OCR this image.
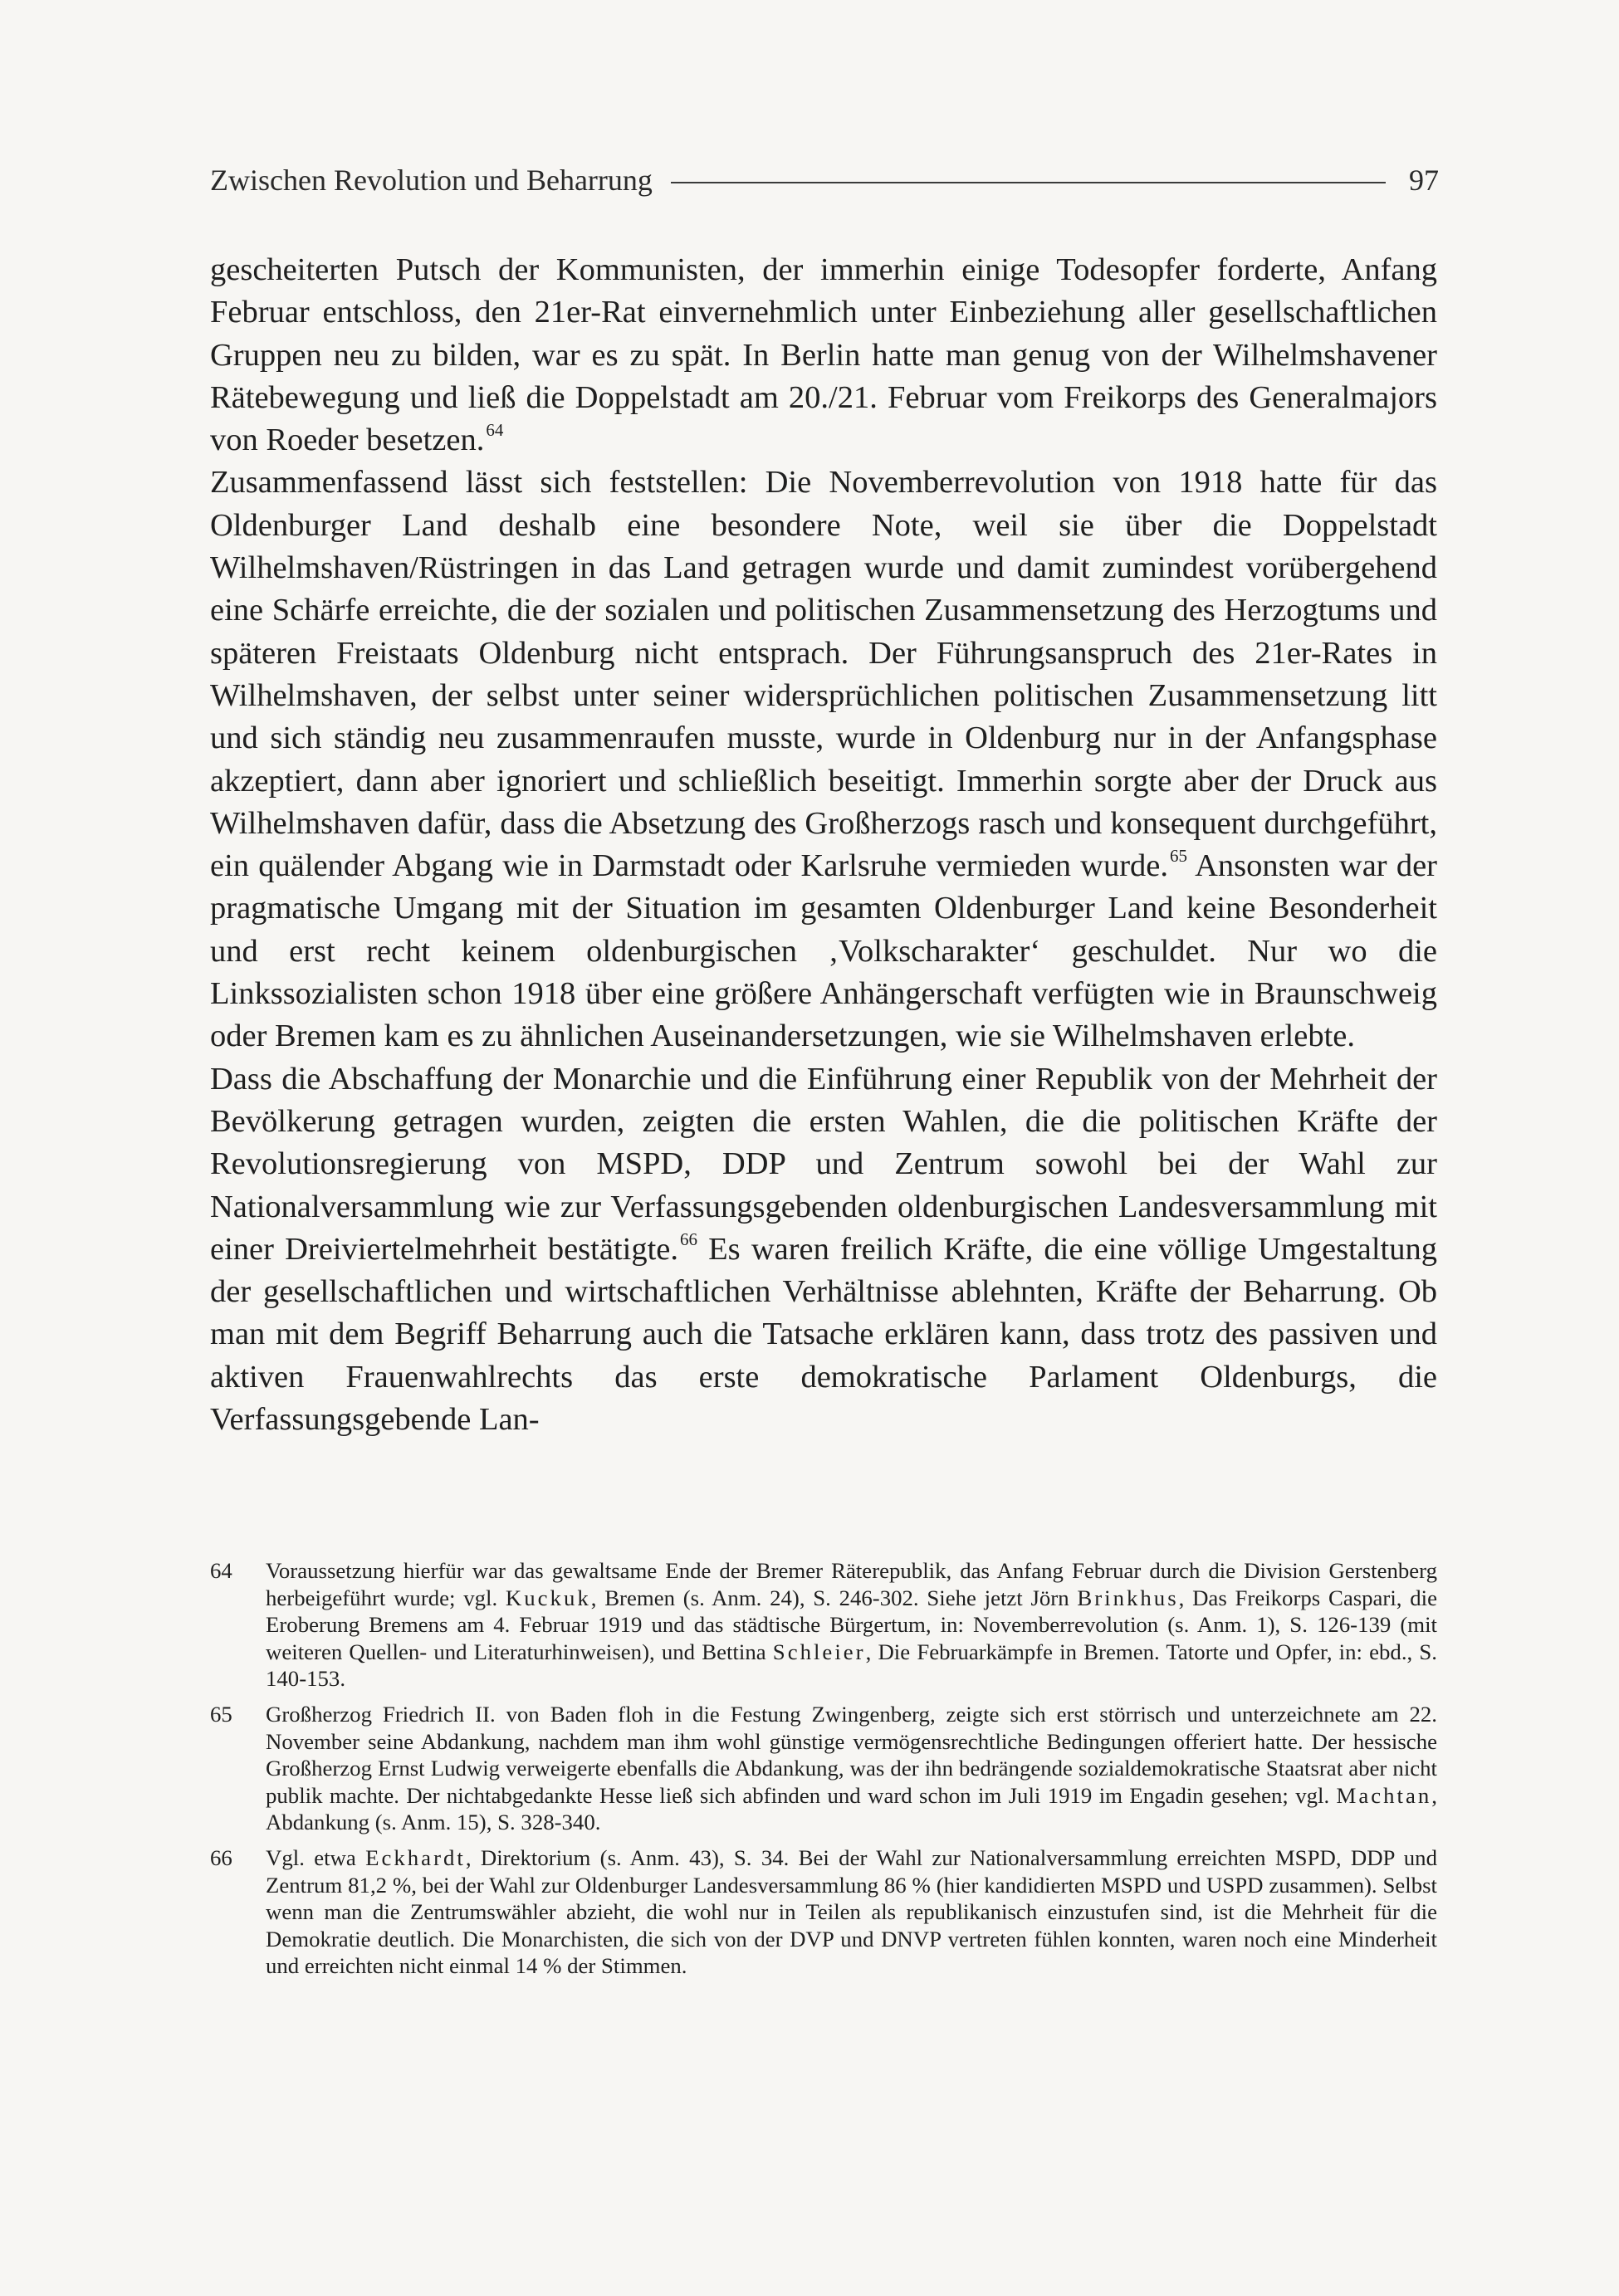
Zwischen Revolution und Beharrung	97

gescheiterten Putsch der Kommunisten, der immerhin einige Todesopfer forderte, Anfang Februar entschloss, den 21er-Rat einvernehmlich unter Einbeziehung aller gesellschaftlichen Gruppen neu zu bilden, war es zu spät. In Berlin hatte man genug von der Wilhelmshavener Rätebewegung und ließ die Doppelstadt am 20./21. Februar vom Freikorps des Generalmajors von Roeder besetzen.$^{64}$

Zusammenfassend lässt sich feststellen: Die Novemberrevolution von 1918 hatte für das Oldenburger Land deshalb eine besondere Note, weil sie über die Doppelstadt Wilhelmshaven/Rüstringen in das Land getragen wurde und damit zumindest vorübergehend eine Schärfe erreichte, die der sozialen und politischen Zusammensetzung des Herzogtums und späteren Freistaats Oldenburg nicht entsprach. Der Führungsanspruch des 21er-Rates in Wilhelmshaven, der selbst unter seiner widersprüchlichen politischen Zusammensetzung litt und sich ständig neu zusammenraufen musste, wurde in Oldenburg nur in der Anfangsphase akzeptiert, dann aber ignoriert und schließlich beseitigt. Immerhin sorgte aber der Druck aus Wilhelmshaven dafür, dass die Absetzung des Großherzogs rasch und konsequent durchgeführt, ein quälender Abgang wie in Darmstadt oder Karlsruhe vermieden wurde.$^{65}$ Ansonsten war der pragmatische Umgang mit der Situation im gesamten Oldenburger Land keine Besonderheit und erst recht keinem oldenburgischen ‚Volkscharakter‘ geschuldet. Nur wo die Linkssozialisten schon 1918 über eine größere Anhängerschaft verfügten wie in Braunschweig oder Bremen kam es zu ähnlichen Auseinandersetzungen, wie sie Wilhelmshaven erlebte.

Dass die Abschaffung der Monarchie und die Einführung einer Republik von der Mehrheit der Bevölkerung getragen wurden, zeigten die ersten Wahlen, die die politischen Kräfte der Revolutionsregierung von MSPD, DDP und Zentrum sowohl bei der Wahl zur Nationalversammlung wie zur Verfassungsgebenden oldenburgischen Landesversammlung mit einer Dreiviertelmehrheit bestätigte.$^{66}$ Es waren freilich Kräfte, die eine völlige Umgestaltung der gesellschaftlichen und wirtschaftlichen Verhältnisse ablehnten, Kräfte der Beharrung. Ob man mit dem Begriff Beharrung auch die Tatsache erklären kann, dass trotz des passiven und aktiven Frauenwahlrechts das erste demokratische Parlament Oldenburgs, die Verfassungsgebende Lan-

64	Voraussetzung hierfür war das gewaltsame Ende der Bremer Räterepublik, das Anfang Februar durch die Division Gerstenberg herbeigeführt wurde; vgl. Kuckuk, Bremen (s. Anm. 24), S. 246-302. Siehe jetzt Jörn Brinkhus, Das Freikorps Caspari, die Eroberung Bremens am 4. Februar 1919 und das städtische Bürgertum, in: Novemberrevolution (s. Anm. 1), S. 126-139 (mit weiteren Quellen- und Literaturhinweisen), und Bettina Schleier, Die Februarkämpfe in Bremen. Tatorte und Opfer, in: ebd., S. 140-153.
65	Großherzog Friedrich II. von Baden floh in die Festung Zwingenberg, zeigte sich erst störrisch und unterzeichnete am 22. November seine Abdankung, nachdem man ihm wohl günstige vermögensrechtliche Bedingungen offeriert hatte. Der hessische Großherzog Ernst Ludwig verweigerte ebenfalls die Abdankung, was der ihn bedrängende sozialdemokratische Staatsrat aber nicht publik machte. Der nichtabgedankte Hesse ließ sich abfinden und ward schon im Juli 1919 im Engadin gesehen; vgl. Machtan, Abdankung (s. Anm. 15), S. 328-340.
66	Vgl. etwa Eckhardt, Direktorium (s. Anm. 43), S. 34. Bei der Wahl zur Nationalversammlung erreichten MSPD, DDP und Zentrum 81,2 %, bei der Wahl zur Oldenburger Landesversammlung 86 % (hier kandidierten MSPD und USPD zusammen). Selbst wenn man die Zentrumswähler abzieht, die wohl nur in Teilen als republikanisch einzustufen sind, ist die Mehrheit für die Demokratie deutlich. Die Monarchisten, die sich von der DVP und DNVP vertreten fühlen konnten, waren noch eine Minderheit und erreichten nicht einmal 14 % der Stimmen.
